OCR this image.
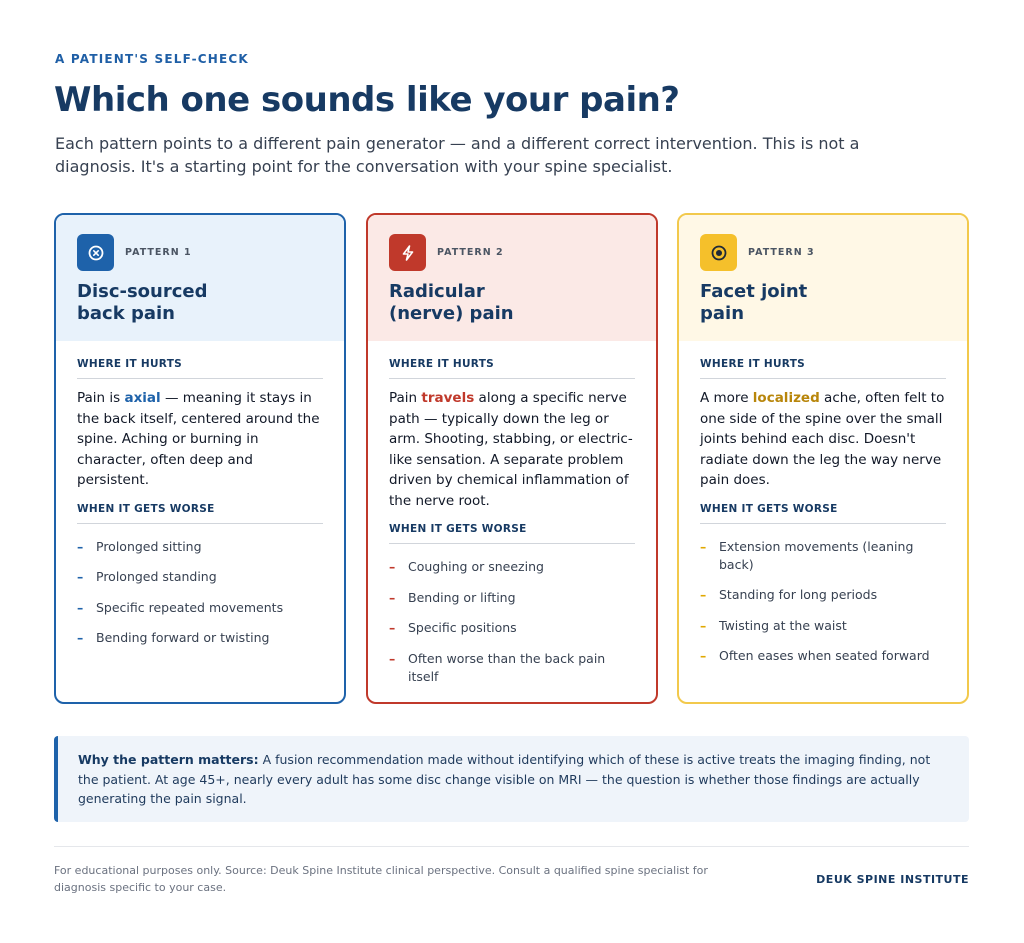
A PATIENT'S SELF-CHECK
Which one sounds like your pain?

Each pattern points to a different pain generator — and a different correct intervention. This is not a diagnosis. It's a starting point for the conversation with your spine specialist.

PATTERN 1
Disc-sourced
back pain
WHERE IT HURTS

Pain is axial — meaning it stays in the back itself, centered around the spine. Aching or burning in character, often deep and persistent.

WHEN IT GETS WORSE
–	Prolonged sitting
–	Prolonged standing
–	Specific repeated movements
–	Bending forward or twisting
PATTERN 2
Radicular
(nerve) pain
WHERE IT HURTS

Pain travels along a specific nerve path — typically down the leg or arm. Shooting, stabbing, or electric-like sensation. A separate problem driven by chemical inflammation of the nerve root.

WHEN IT GETS WORSE
–	Coughing or sneezing
–	Bending or lifting
–	Specific positions
–	Often worse than the back pain itself
PATTERN 3
Facet joint
pain
WHERE IT HURTS

A more localized ache, often felt to one side of the spine over the small joints behind each disc. Doesn't radiate down the leg the way nerve pain does.

WHEN IT GETS WORSE
–	Extension movements (leaning back)
–	Standing for long periods
–	Twisting at the waist
–	Often eases when seated forward
Why the pattern matters: A fusion recommendation made without identifying which of these is active treats the imaging finding, not the patient. At age 45+, nearly every adult has some disc change visible on MRI — the question is whether those findings are actually generating the pain signal.

For educational purposes only. Source: Deuk Spine Institute clinical perspective. Consult a qualified spine specialist for diagnosis specific to your case.

DEUK SPINE INSTITUTE
